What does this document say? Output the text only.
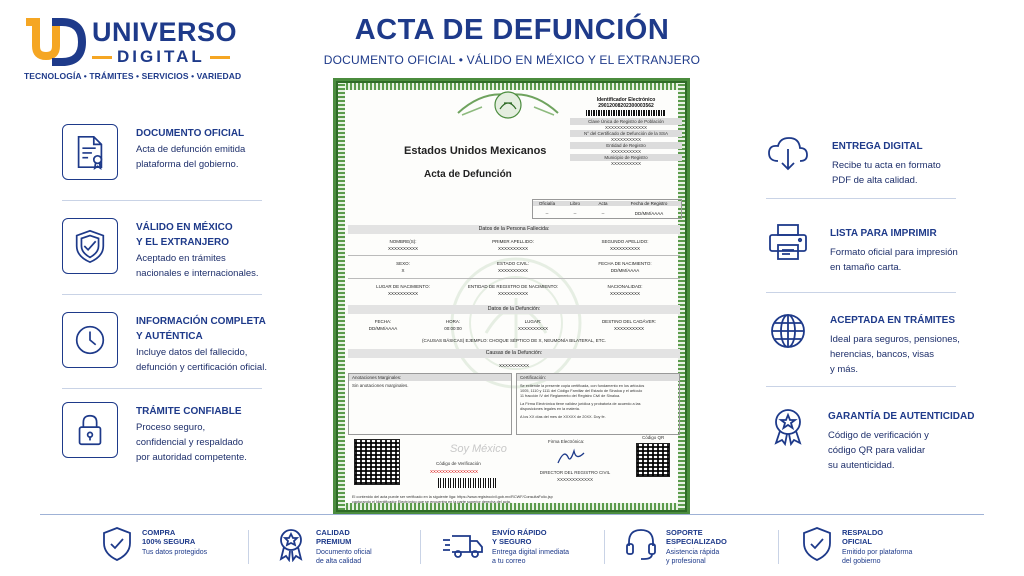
UNIVERSO
DIGITAL
TECNOLOGÍA • TRÁMITES • SERVICIOS • VARIEDAD
ACTA DE DEFUNCIÓN
DOCUMENTO OFICIAL • VÁLIDO EN MÉXICO Y EL EXTRANJERO
DOCUMENTO OFICIAL
Acta de defunción emitida
plataforma del gobierno.
VÁLIDO EN MÉXICO
Y EL EXTRANJERO
Aceptado en trámites
nacionales e internacionales.
INFORMACIÓN COMPLETA
Y AUTÉNTICA
Incluye datos del fallecido,
defunción y certificación oficial.
TRÁMITE CONFIABLE
Proceso seguro,
confidencial y respaldado
por autoridad competente.
ENTREGA DIGITAL
Recibe tu acta en formato
PDF de alta calidad.
LISTA PARA IMPRIMIR
Formato oficial para impresión
en tamaño carta.
ACEPTADA EN TRÁMITES
Ideal para seguros, pensiones,
herencias, bancos, visas
y más.
GARANTÍA DE AUTENTICIDAD
Código de verificación y
código QR para validar
su autenticidad.
Identificador Electrónico
29012008202300003562
Clave Única de Registro de Población
XXXXXXXXXXXXXX
N° del Certificado de Defunción de la SSA
XXXXXXXXXX
Entidad de Registro
XXXXXXXXXX
Municipio de Registro
XXXXXXXXXX
Estados Unidos Mexicanos
Acta de Defunción
Oficialía	Libro	Acta	Fecha de Registro
--	--	--	DD/MM/AAAA
Datos de la Persona Fallecida:
NOMBRE(S):	PRIMER APELLIDO:	SEGUNDO APELLIDO:
XXXXXXXXXX	XXXXXXXXXX	XXXXXXXXXX
SEXO:	ESTADO CIVIL:	FECHA DE NACIMIENTO:
X	XXXXXXXXXX	DD/MM/AAAA
LUGAR DE NACIMIENTO:	ENTIDAD DE REGISTRO DE NACIMIENTO:	NACIONALIDAD:
XXXXXXXXXX	XXXXXXXXXX	XXXXXXXXXX
Datos de la Defunción:
FECHA:	HORA:	LUGAR:	DESTINO DEL CADÁVER:
DD/MM/AAAA	00:00:00	XXXXXXXXXX	XXXXXXXXXX
(CAUSAS BÁSICAS) EJEMPLO: CHOQUE SÉPTICO DE X, NEUMONÍA BILATERAL, ETC.
Causas de la Defunción:
XXXXXXXXXX
Anotaciones Marginales:
Sin anotaciones marginales.
Certificación:
Se extiende la presente copia certificada, con fundamento en los artículos
1005, 1110 y 1111 del Código Familiar del Estado de Sinaloa y el artículo
11 fracción IV del Reglamento del Registro Civil de Sinaloa.
La Firma Electrónica tiene validez jurídica y probatoria de acuerdo a las
disposiciones legales en la materia.
A los XX días del mes de XXXXX de 20XX. Doy fe.
Soy México
Firma Electrónica:
DIRECTOR DEL REGISTRO CIVIL
XXXXXXXXXXXX
Código QR
Código de Verificación
XXXXXXXXXXXXXXXX
El contenido del acta puede ser verificado en la siguiente liga: https://www.registrocivil.gob.mx/RCWF/ConsultaFolio.jsp
capturando el Identificador Electrónico que se encuentra en la parte superior derecha del acta.
COMPRA
100% SEGURA
Tus datos protegidos
CALIDAD
PREMIUM
Documento oficial
de alta calidad
ENVÍO RÁPIDO
Y SEGURO
Entrega digital inmediata
a tu correo
SOPORTE
ESPECIALIZADO
Asistencia rápida
y profesional
RESPALDO
OFICIAL
Emitido por plataforma
del gobierno
